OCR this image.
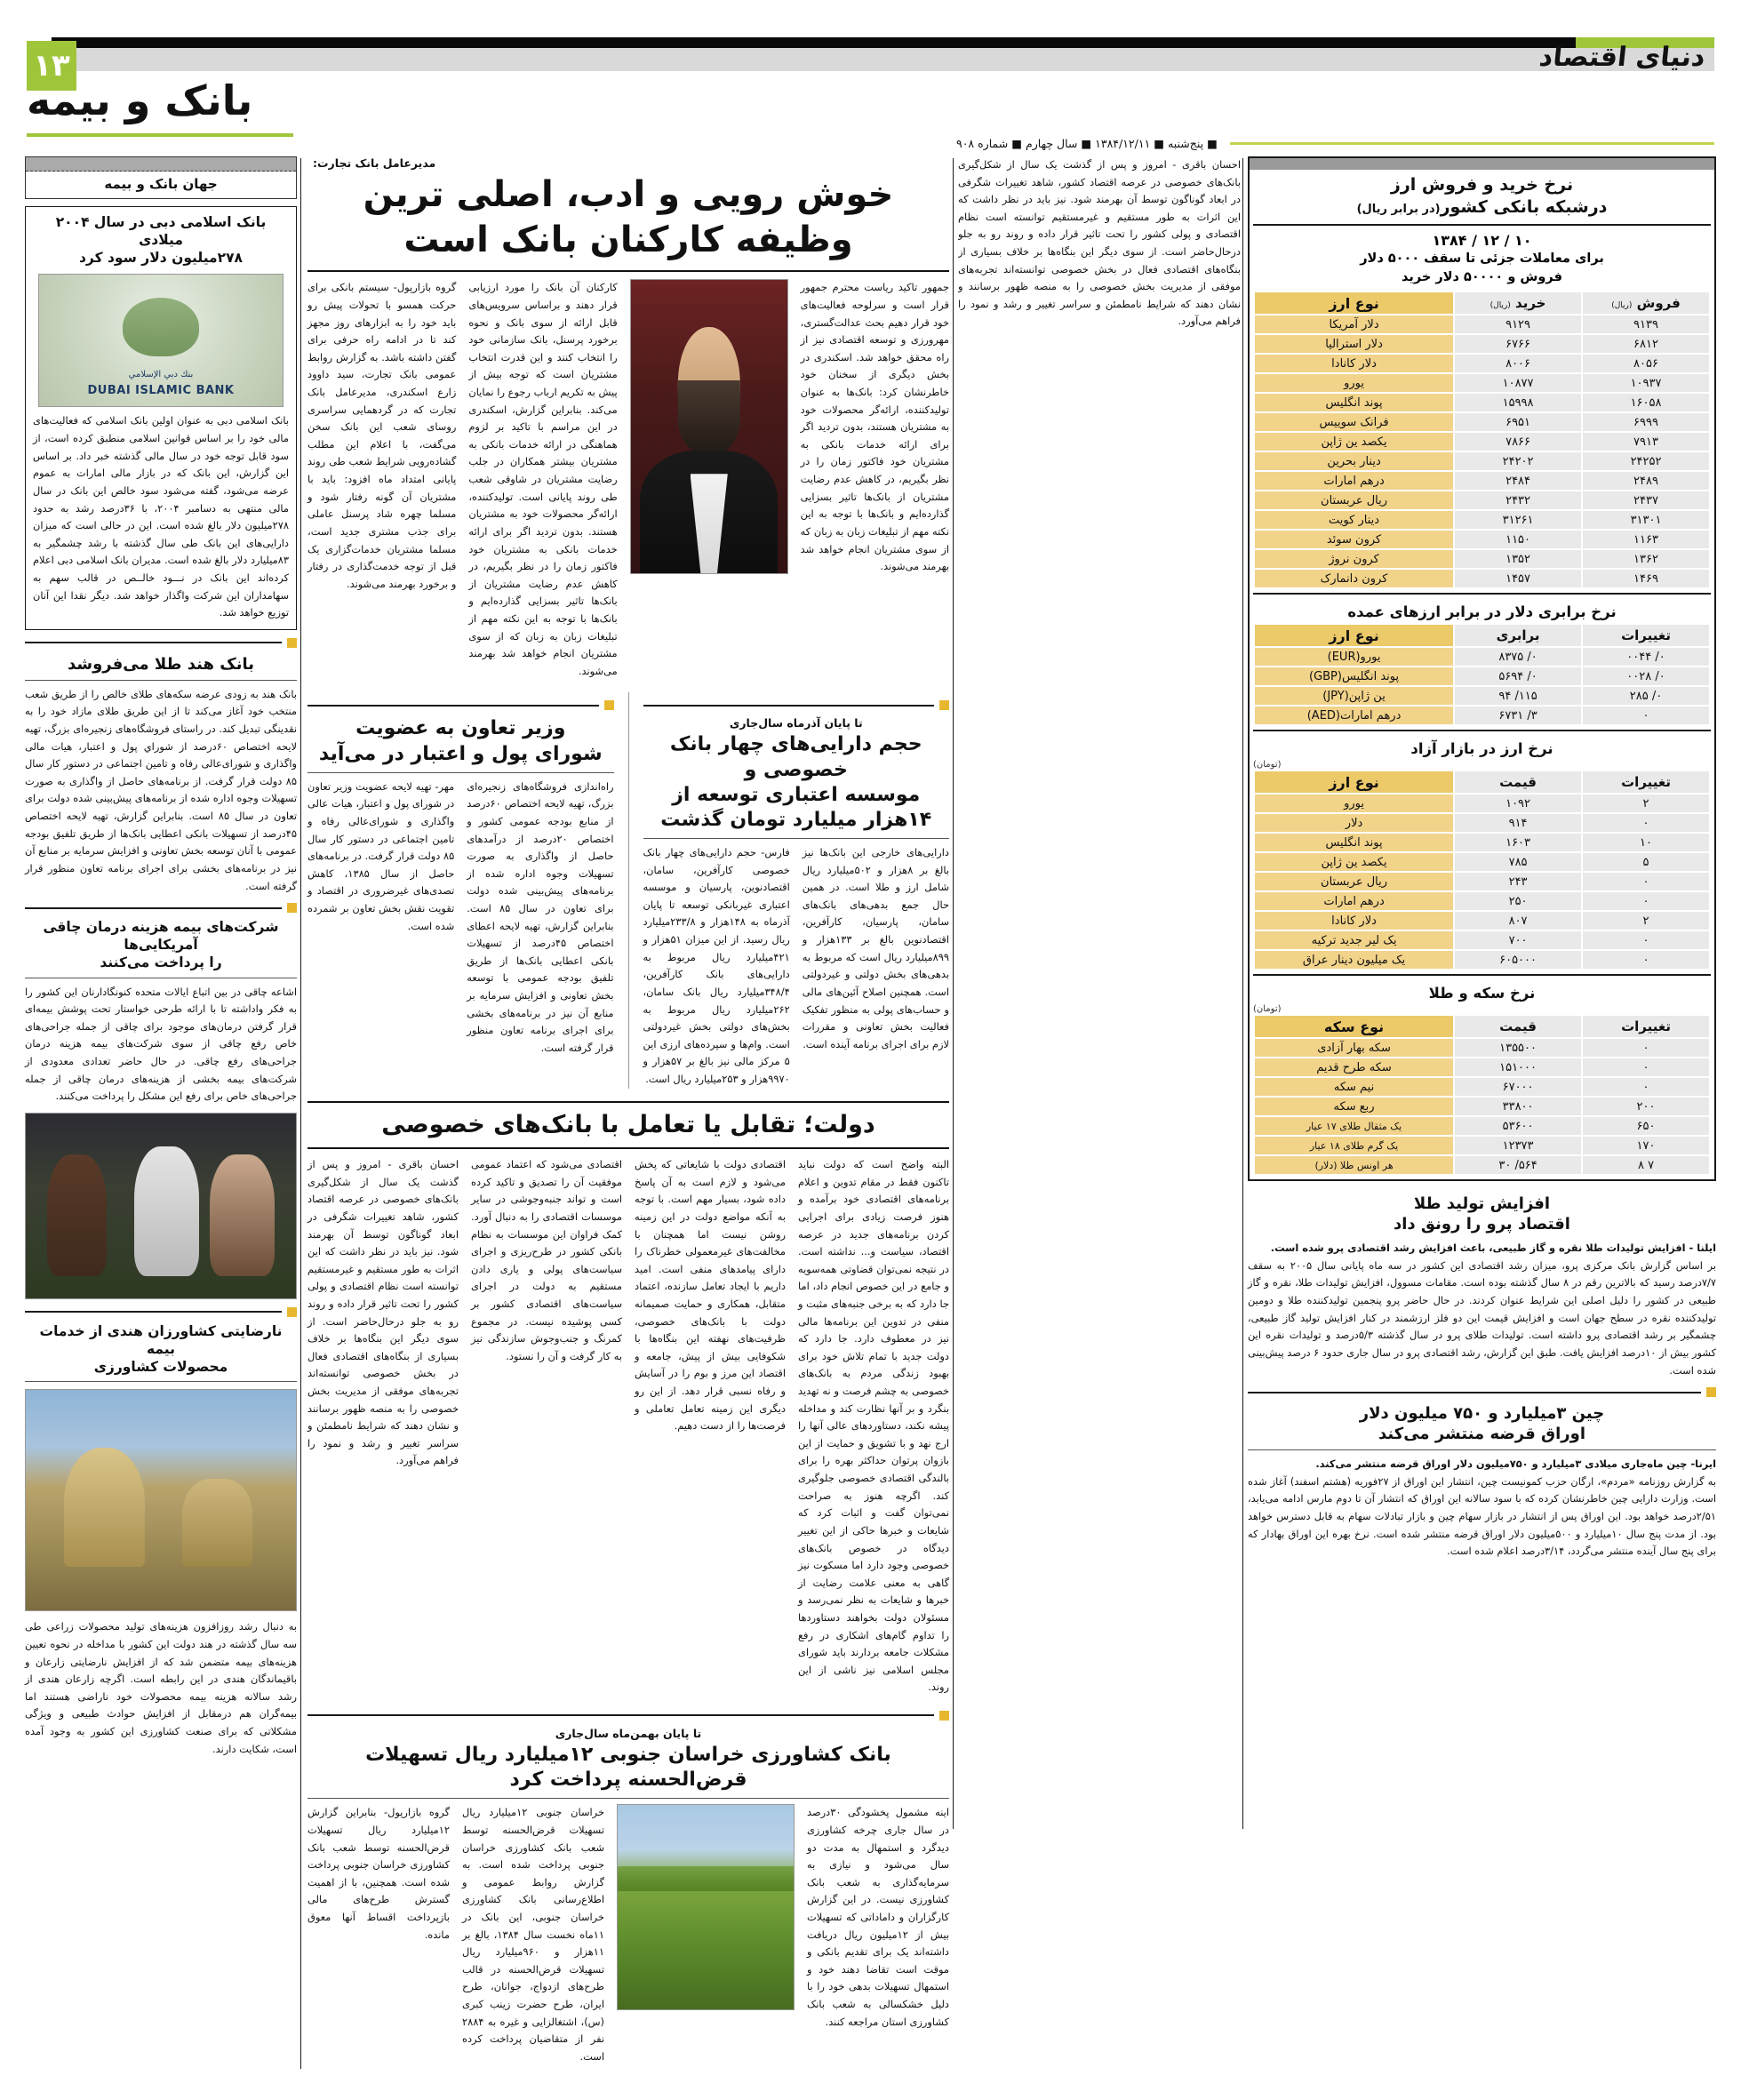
دنیای اقتصاد
۱۳
بانک و بیمه
■ پنج‌شنبه ■ ۱۳۸۴/۱۲/۱۱ ■ سال چهارم ■ شماره ۹۰۸
جهان بانک و بیمه
بانک اسلامی دبی در سال ۲۰۰۴ میلادی
۲۷۸میلیون دلار سود کرد
بنك دبي الإسلامي
DUBAI ISLAMIC BANK
بانک اسلامی دبی به عنوان اولین بانک اسلامی که فعالیت‌های مالی خود را بر اساس قوانین اسلامی منطبق کرده است، از سود قابل توجه خود در سال مالی گذشته خبر داد. بر اساس این گزارش، این بانک که در بازار مالی امارات به عموم عرضه می‌شود، گفته می‌شود سود خالص این بانک در سال مالی منتهی به دسامبر ۲۰۰۴، با ۳۶درصد رشد به حدود ۲۷۸میلیون دلار بالغ شده است. این در حالی است که میزان دارایی‌های این بانک طی سال گذشته با رشد چشمگیر به ۸۳میلیارد دلار بالغ شده است. مدیران بانک اسلامی دبی اعلام کرده‌اند این بانک در نـــود خالــص در قالب سهم به سهامداران این شرکت واگذار خواهد شد. دیگر نقدا این آنان توزیع خواهد شد.
بانک هند طلا می‌فروشد
بانک هند به زودی عرضه سکه‌های طلای خالص را از طریق شعب منتخب خود آغاز می‌کند تا از این طریق طلای مازاد خود را به نقدینگی تبدیل کند. در راستای فروشگاه‌های زنجیره‌ای بزرگ، تهیه لایحه اختصاص ۶۰درصد از شوراي پول و اعتبار، هیات مالی واگذاری و شورای‌عالی رفاه و تامین اجتماعی در دستور کار سال ۸۵ دولت قرار گرفت. از برنامه‌های حاصل از واگذاری به صورت تسهیلات وجوه اداره شده از برنامه‌های پیش‌بینی شده دولت برای تعاون در سال ۸۵ است. بنابراین گزارش، تهیه لایحه اختصاص ۴۵درصد از تسهیلات بانکی اعطایی بانک‌ها از طریق تلفیق بودجه عمومی با آنان توسعه بخش تعاونی و افزایش سرمایه بر منابع آن نیز در برنامه‌های بخشی برای اجرای برنامه تعاون منظور قرار گرفته است.
شرکت‌های بیمه هزینه درمان چاقی آمریکایی‌ها
را پرداخت می‌کنند
اشاعه چاقی در بین اتباع ایالات متحده کنونگادارنان این کشور را به فکر واداشته تا با ارائه طرحی خواستار تحت پوشش بیمه‌ای قرار گرفتن درمان‌های موجود برای چاقی از جمله جراحی‌های خاص رفع چاقی از سوی شرکت‌های بیمه هزینه درمان جراحی‌های رفع چاقی. در حال حاضر تعدادی معدودی از شرکت‌های بیمه بخشی از هزینه‌های درمان چاقی از جمله جراحی‌های خاص برای رفع این مشکل را پرداخت می‌کنند.
نارضایتی کشاورزان هندی از خدمات بیمه
محصولات کشاورزی
به دنبال رشد روزافزون هزینه‌های تولید محصولات زراعی طی سه سال گذشته در هند دولت این کشور با مداخله در نحوه تعیین هزینه‌های بیمه متضمن شد که از افزایش نارضایتی زارعان و باقیماندگان هندی در این رابطه است. اگرچه زارعان هندی از رشد سالانه هزینه بیمه محصولات خود ناراضی هستند اما بیمه‌گران هم درمقابل از افزایش حوادث طبیعی و ویژگی مشکلاتی که برای صنعت کشاورزی این کشور به وجود آمده است، شکایت دارند.
مدیرعامل بانک تجارت:
خوش رویی و ادب، اصلی ترین وظیفه کارکنان بانک است
جمهور تاکید ریاست محترم جمهور قرار است و سرلوحه فعالیت‌های خود قرار دهیم بحث عدالت‌گستری، مهرورزی و توسعه اقتصادی نیز از راه محقق خواهد شد. اسکندری در بخش دیگری از سخنان خود خاطرنشان کرد: بانک‌ها به عنوان تولیدکننده، ارائه‌گر محصولات خود به مشتریان هستند، بدون تردید اگر برای ارائه خدمات بانکی به مشتریان خود فاکتور زمان را در نظر بگیریم، در کاهش عدم رضایت مشتریان از بانک‌ها تاثیر بسزایی گذارده‌ایم و بانک‌ها با توجه به این نکته مهم از تبلیغات زبان به زبان که از سوی مشتریان انجام خواهد شد بهرمند می‌شوند.
کارکنان آن بانک را مورد ارزیابی قرار دهند و براساس سرویس‌های قابل ارائه از سوی بانک و نحوه برخورد پرسنل، بانک سازمانی خود را انتخاب کنند و این قدرت انتخاب مشتریان است که توجه بیش از پیش به تکریم ارباب رجوع را نمایان می‌کند. بنابراین گزارش، اسکندری در این مراسم با تاکید بر لزوم هماهنگی در ارائه خدمات بانکی به مشتریان بیشتر همکاران در جلب رضایت مشتریان در شاوقی شعب طی روند پایانی است. تولیدکننده، ارائه‌گر محصولات خود به مشتریان هستند. بدون تردید اگر برای ارائه خدمات بانکی به مشتریان خود فاکتور زمان را در نظر بگیریم، در کاهش عدم رضایت مشتریان از بانک‌ها تاثیر بسزایی گذارده‌ایم و بانک‌ها با توجه به این نکته مهم از تبلیغات زبان به زبان که از سوی مشتریان انجام خواهد شد بهرمند می‌شوند.
گروه بازارپول- سیستم بانکی برای حرکت همسو با تحولات پیش رو باید خود را به ابزارهای روز مجهز کند تا در ادامه راه حرفی برای گفتن داشته باشد. به گزارش روابط عمومی بانک تجارت، سید داوود زارع اسکندری، مدیرعامل بانک تجارت که در گردهمایی سراسری روسای شعب این بانک سخن می‌گفت، با اعلام این مطلب گشاده‌رویی شرایط شعب طی روند پایانی امتداد ماه افزود: باید با مشتریان آن گونه رفتار شود و مسلما چهره شاد پرسنل عاملی برای جذب مشتری جدید است، مسلما مشتریان خدمات‌گزاری یک قبل از توجه خدمت‌گذاری در رفتار و برخورد بهرمند می‌شوند.
تا پایان آذرماه سال‌جاری
حجم دارایی‌های چهار بانک خصوصی و
موسسه اعتباری توسعه از ۱۴هزار میلیارد تومان گذشت
دارایی‌های خارجی این بانک‌ها نیز بالغ بر ۸هزار و ۵۰۲میلیارد ریال شامل ارز و طلا است. در همین حال جمع بدهی‌های بانک‌های سامان، پارسیان، کارآفرین، اقتصادنوین بالغ بر ۱۳۳هزار و ۸۹۹میلیارد ریال است که مربوط به بدهی‌های بخش دولتی و غیردولتی است. همچنین اصلاح آئین‌های مالی و حساب‌های پولی به منظور تفکیک فعالیت بخش تعاونی و مقررات لازم برای اجرای برنامه آینده است.
فارس- حجم دارایی‌های چهار بانک خصوصی کارآفرین، سامان، اقتصادنوین، پارسیان و موسسه اعتباری غیربانکی توسعه تا پایان آذرماه به ۱۴۸هزار و ۲۳۳/۸میلیارد ریال رسید. از این میزان ۵۱هزار و ۴۲۱میلیارد ریال مربوط به دارایی‌های بانک کارآفرین، ۳۴۸/۴میلیارد ریال بانک سامان، ۲۶۲میلیارد ریال مربوط به بخش‌های دولتی بخش غیردولتی است. وام‌ها و سپرده‌های ارزی این ۵ مرکز مالی نیز بالغ بر ۵۷هزار و ۹۹۷۰هزار و ۲۵۳میلیارد ریال است.
وزیر تعاون به عضویت
شورای پول و اعتبار در می‌آید
راه‌اندازی فروشگاه‌های زنجیره‌ای بزرگ، تهیه لایحه اختصاص ۶۰درصد از منابع بودجه عمومی کشور و اختصاص ۲۰درصد از درآمدهای حاصل از واگذاری به صورت تسهیلات وجوه اداره شده از برنامه‌های پیش‌بینی شده دولت برای تعاون در سال ۸۵ است. بنابراین گزارش، تهیه لایحه اعطای اختصاص ۴۵درصد از تسهیلات بانکی اعطایی بانک‌ها از طریق تلفیق بودجه عمومی با توسعه بخش تعاونی و افزایش سرمایه بر منابع آن نیز در برنامه‌های بخشی برای اجرای برنامه تعاون منظور قرار گرفته است.
مهر- تهیه لایحه عضویت وزیر تعاون در شورای پول و اعتبار، هیات عالی واگذاری و شورای‌عالی رفاه و تامین اجتماعی در دستور کار سال ۸۵ دولت قرار گرفت. در برنامه‌های حاصل از سال ۱۳۸۵، کاهش تصدی‌های غیرضروری در اقتصاد و تقویت نقش بخش تعاون بر شمرده شده است.
دولت؛ تقابل یا تعامل با بانک‌های خصوصی
البته واضح است که دولت نباید تاکنون فقط در مقام تدوین و اعلام برنامه‌های اقتصادی خود برآمده و هنوز فرصت زیادی برای اجرایی کردن برنامه‌های جدید در عرصه اقتصاد، سیاست و... نداشته است. در نتیجه نمی‌توان قضاوتی همه‌سویه و جامع در این خصوص انجام داد، اما جا دارد که به برخی جنبه‌های مثبت و منفی در تدوین این برنامه‌ها مالی نیز در معطوف دارد. جا دارد که دولت جدید با تمام تلاش خود برای بهبود زندگی مردم به بانک‌های خصوصی به چشم فرصت و نه تهدید بنگرد و بر آنها نظارت کند و مداخله پیشه نکند، دستاوردهای عالی آنها را ارج نهد و با تشویق و حمایت از این بازوان پرتوان حداکثر بهره را برای بالندگی اقتصادی خصوصی جلوگیری کند. اگرچه هنوز به صراحت نمی‌توان گفت و اثبات کرد که شایعات و خبرها حاکی از این تغییر دیدگاه در خصوص بانک‌های خصوصی وجود دارد اما مسکوت نیز گاهی به معنی علامت رضایت از خبرها و شایعات به نظر نمی‌رسد و مسئولان دولت بخواهند دستاوردها را تداوم گام‌های اشکاری در رفع مشکلات جامعه بردارند باید شورای مجلس اسلامی نیز ناشی از این روند.
اقتصادی دولت با شایعاتی که پخش می‌شود و لازم است به آن پاسخ داده شود، بسیار مهم است. با توجه به آنکه مواضع دولت در این زمینه روشن نیست اما همچنان با مخالفت‌های غیرمعمولی خطرناک را دارای پیامدهای منفی است. امید داریم با ایجاد تعامل سازنده، اعتماد متقابل، همکاری و حمایت صمیمانه دولت با بانک‌های خصوصی، ظرفیت‌های نهفته این بنگاه‌ها با شکوفایی بیش از پیش، جامعه و اقتصاد این مرز و بوم را در آسایش و رفاه نسبی قرار دهد. از این رو دیگری این زمینه تعامل تعاملی و فرصت‌ها را از دست دهیم.
اقتصادی می‌شود که اعتماد عمومی موفقیت آن را تصدیق و تاکید کرده است و تواند جنبه‌وجوشی در سایر موسسات اقتصادی را به دنبال آورد. کمک فراوان این موسسات به نظام بانکی کشور در طرح‌ریزی و اجرای سیاست‌های پولی و یاری دادن مستقیم به دولت در اجرای سیاست‌های اقتصادی کشور بر کسی پوشیده نیست. در مجموع کمرنگ و جنب‌وجوش سازندگی نیز به کار گرفت و آن را نستود.
احسان باقری - امروز و پس از گذشت یک سال از شکل‌گیری بانک‌های خصوصی در عرصه اقتصاد کشور، شاهد تغییرات شگرفی در ابعاد گوناگون توسط آن بهرمند شود. نیز باید در نظر داشت که این اثرات به طور مستقیم و غیرمستقیم توانسته است نظام اقتصادی و پولی کشور را تحت تاثیر قرار داده و روند رو به جلو درحال‌حاضر است. از سوی دیگر این بنگاه‌ها بر خلاف بسیاری از بنگاه‌های اقتصادی فعال در بخش خصوصی توانسته‌اند تجربه‌های موفقی از مدیریت بخش خصوصی را به منصه ظهور برسانند و نشان دهند که شرایط نامطمئن و سراسر تغییر و رشد و نمود را فراهم می‌آورد.
تا پایان بهمن‌ماه سال‌جاری
بانک کشاورزی خراسان جنوبی ۱۲میلیارد ریال تسهیلات قرض‌الحسنه پرداخت کرد
اینه مشمول پخشودگی ۳۰درصد در سال جاری چرخه کشاورزی دیدگرد و استمهال به مدت دو سال می‌شود و نیازی به سرمایه‌گذاری به شعب بانک کشاورزی نیست. در این گزارش کارگزاران و داماداتی که تسهیلات بیش از ۱۲میلیون ریال دریافت داشته‌اند یک برای تقدیم بانکی و موقت است تقاضا دهند خود و استمهال تسهیلات بدهی خود را با دلیل خشکسالی به شعب بانک کشاورزی استان مراجعه کنند.
خراسان جنوبی ۱۲میلیارد ریال تسهیلات قرض‌الحسنه توسط شعب بانک کشاورزی خراسان جنوبی پرداخت شده است. به گزارش روابط عمومی و اطلاع‌رسانی بانک کشاورزی خراسان جنوبی، این بانک در ۱۱ماه نخست سال ۱۳۸۴، بالغ بر ۱۱هزار و ۹۶۰میلیارد ریال تسهیلات قرض‌الحسنه در قالب طرح‌های ازدواج، جوانان، طرح ایران، طرح حضرت زینب کبری (س)، اشتغالزایی و غیره به ۲۸۸۴ نفر از متقاضیان پرداخت کرده است.
گروه بازارپول- بنابراین گزارش ۱۲میلیارد ریال تسهیلات قرض‌الحسنه توسط شعب بانک کشاورزی خراسان جنوبی پرداخت شده است. همچنین، با از اهمیت گسترش طرح‌های مالی بازپرداخت اقساط آنها معوق مانده.
احسان باقری - امروز و پس از گذشت یک سال از شکل‌گیری بانک‌های خصوصی در عرصه اقتصاد کشور، شاهد تغییرات شگرفی در ابعاد گوناگون توسط آن بهرمند شود. نیز باید در نظر داشت که این اثرات به طور مستقیم و غیرمستقیم توانسته است نظام اقتصادی و پولی کشور را تحت تاثیر قرار داده و روند رو به جلو درحال‌حاضر است. از سوی دیگر این بنگاه‌ها بر خلاف بسیاری از بنگاه‌های اقتصادی فعال در بخش خصوصی توانسته‌اند تجربه‌های موفقی از مدیریت بخش خصوصی را به منصه ظهور برسانند و نشان دهند که شرایط نامطمئن و سراسر تغییر و رشد و نمود را فراهم می‌آورد.
نرخ خرید و فروش ارز
درشبکه بانکی کشور(در برابر ریال)
۱۰ / ۱۲ / ۱۳۸۴
برای معاملات جزئی تا سقف ۵۰۰۰ دلار
فروش و ۵۰۰۰۰ دلار خرید
فروش (ریال)	خرید (ریال)	نوع ارز
۹۱۳۹	۹۱۲۹	دلار آمریکا
۶۸۱۲	۶۷۶۶	دلار استرالیا
۸۰۵۶	۸۰۰۶	دلار کانادا
۱۰۹۳۷	۱۰۸۷۷	یورو
۱۶۰۵۸	۱۵۹۹۸	پوند انگلیس
۶۹۹۹	۶۹۵۱	فرانک سوییس
۷۹۱۳	۷۸۶۶	یکصد ین ژاپن
۲۴۲۵۲	۲۴۲۰۲	دینار بحرین
۲۴۸۹	۲۴۸۴	درهم امارات
۲۴۳۷	۲۴۳۲	ریال عربستان
۳۱۳۰۱	۳۱۲۶۱	دینار کویت
۱۱۶۳	۱۱۵۰	کرون سوئد
۱۳۶۲	۱۳۵۲	کرون نروژ
۱۴۶۹	۱۴۵۷	کرون دانمارک
نرخ برابری دلار در برابر ارزهای عمده
تغییرات	برابری	نوع ارز
۰/ ۰۰۴۴	۰/ ۸۳۷۵	یورو(EUR)
۰/ ۰۰۲۸	۰/ ۵۶۹۴	پوند انگلیس(GBP)
۰/ ۲۸۵	۱۱۵/ ۹۴	ین ژاپن(JPY)
۰	۳/ ۶۷۳۱	درهم امارات(AED)
نرخ ارز در بازار آزاد
(تومان)
تغییرات	قیمت	نوع ارز
۲	۱۰۹۲	یورو
۰	۹۱۴	دلار
۱۰	۱۶۰۳	پوند انگلیس
۵	۷۸۵	یکصد ین ژاپن
۰	۲۴۳	ریال عربستان
۰	۲۵۰	درهم امارات
۲	۸۰۷	دلار کانادا
۰	۷۰۰	یک لیر جدید ترکیه
۰	۶۰۵۰۰۰	یک میلیون دینار عراق
نرخ سکه و طلا
(تومان)
تغییرات	قیمت	نوع سکه
۰	۱۳۵۵۰۰	سکه بهار آزادی
۰	۱۵۱۰۰۰	سکه طرح قدیم
۰	۶۷۰۰۰	نیم سکه
۲۰۰	۳۳۸۰۰	ربع سکه
۶۵۰	۵۳۶۰۰	یک مثقال طلای ۱۷ عیار
۱۷۰	۱۲۳۷۳	یک گرم طلای ۱۸ عیار
۷ ۸	۵۶۴/ ۳۰	هر اونس طلا (دلار)
افزایش تولید طلا
اقتصاد پرو را رونق داد
ایلنا - افزایش تولیدات طلا نقره و گاز طبیعی، باعث افزایش رشد اقتصادی پرو شده است.
بر اساس گزارش بانک مرکزی پرو، میزان رشد اقتصادی این کشور در سه ماه پایانی سال ۲۰۰۵ به سقف ۷/۷درصد رسید که بالاترین رقم در ۸ سال گذشته بوده است. مقامات مسوول، افزایش تولیدات طلا، نقره و گاز طبیعی در کشور را دلیل اصلی این شرایط عنوان کردند. در حال حاضر پرو پنجمین تولیدکننده طلا و دومین تولیدکننده نقره در سطح جهان است و افزایش قیمت این دو فلز ارزشمند در کنار افزایش تولید گاز طبیعی، چشمگیر بر رشد اقتصادی پرو داشته است. تولیدات طلای پرو در سال گذشته ۵/۳درصد و تولیدات نقره این کشور بیش از ۱۰درصد افزایش یافت. طبق این گزارش، رشد اقتصادی پرو در سال جاری حدود ۶ درصد پیش‌بینی شده است.
چین ۳میلیارد و ۷۵۰ میلیون دلار
اوراق قرضه منتشر می‌کند
ایرنا- چین ماه‌جاری میلادی ۳میلیارد و ۷۵۰میلیون دلار اوراق قرضه منتشر می‌کند.
به گزارش روزنامه «مردم»، ارگان حزب کمونیست چین، انتشار این اوراق از ۲۷فوریه (هشتم اسفند) آغاز شده است. وزارت دارایی چین خاطرنشان کرده که با سود سالانه این اوراق که انتشار آن تا دوم مارس ادامه می‌یابد، ۲/۵۱درصد خواهد بود. این اوراق پس از انتشار در بازار سهام چین و بازار تبادلات سهام به قابل دسترس خواهد بود. از مدت پنج سال ۱۰میلیارد و ۵۰۰میلیون دلار اوراق قرضه منتشر شده است. نرخ بهره این اوراق بهادار که برای پنج سال آینده منتشر می‌گردد، ۳/۱۴درصد اعلام شده است.
